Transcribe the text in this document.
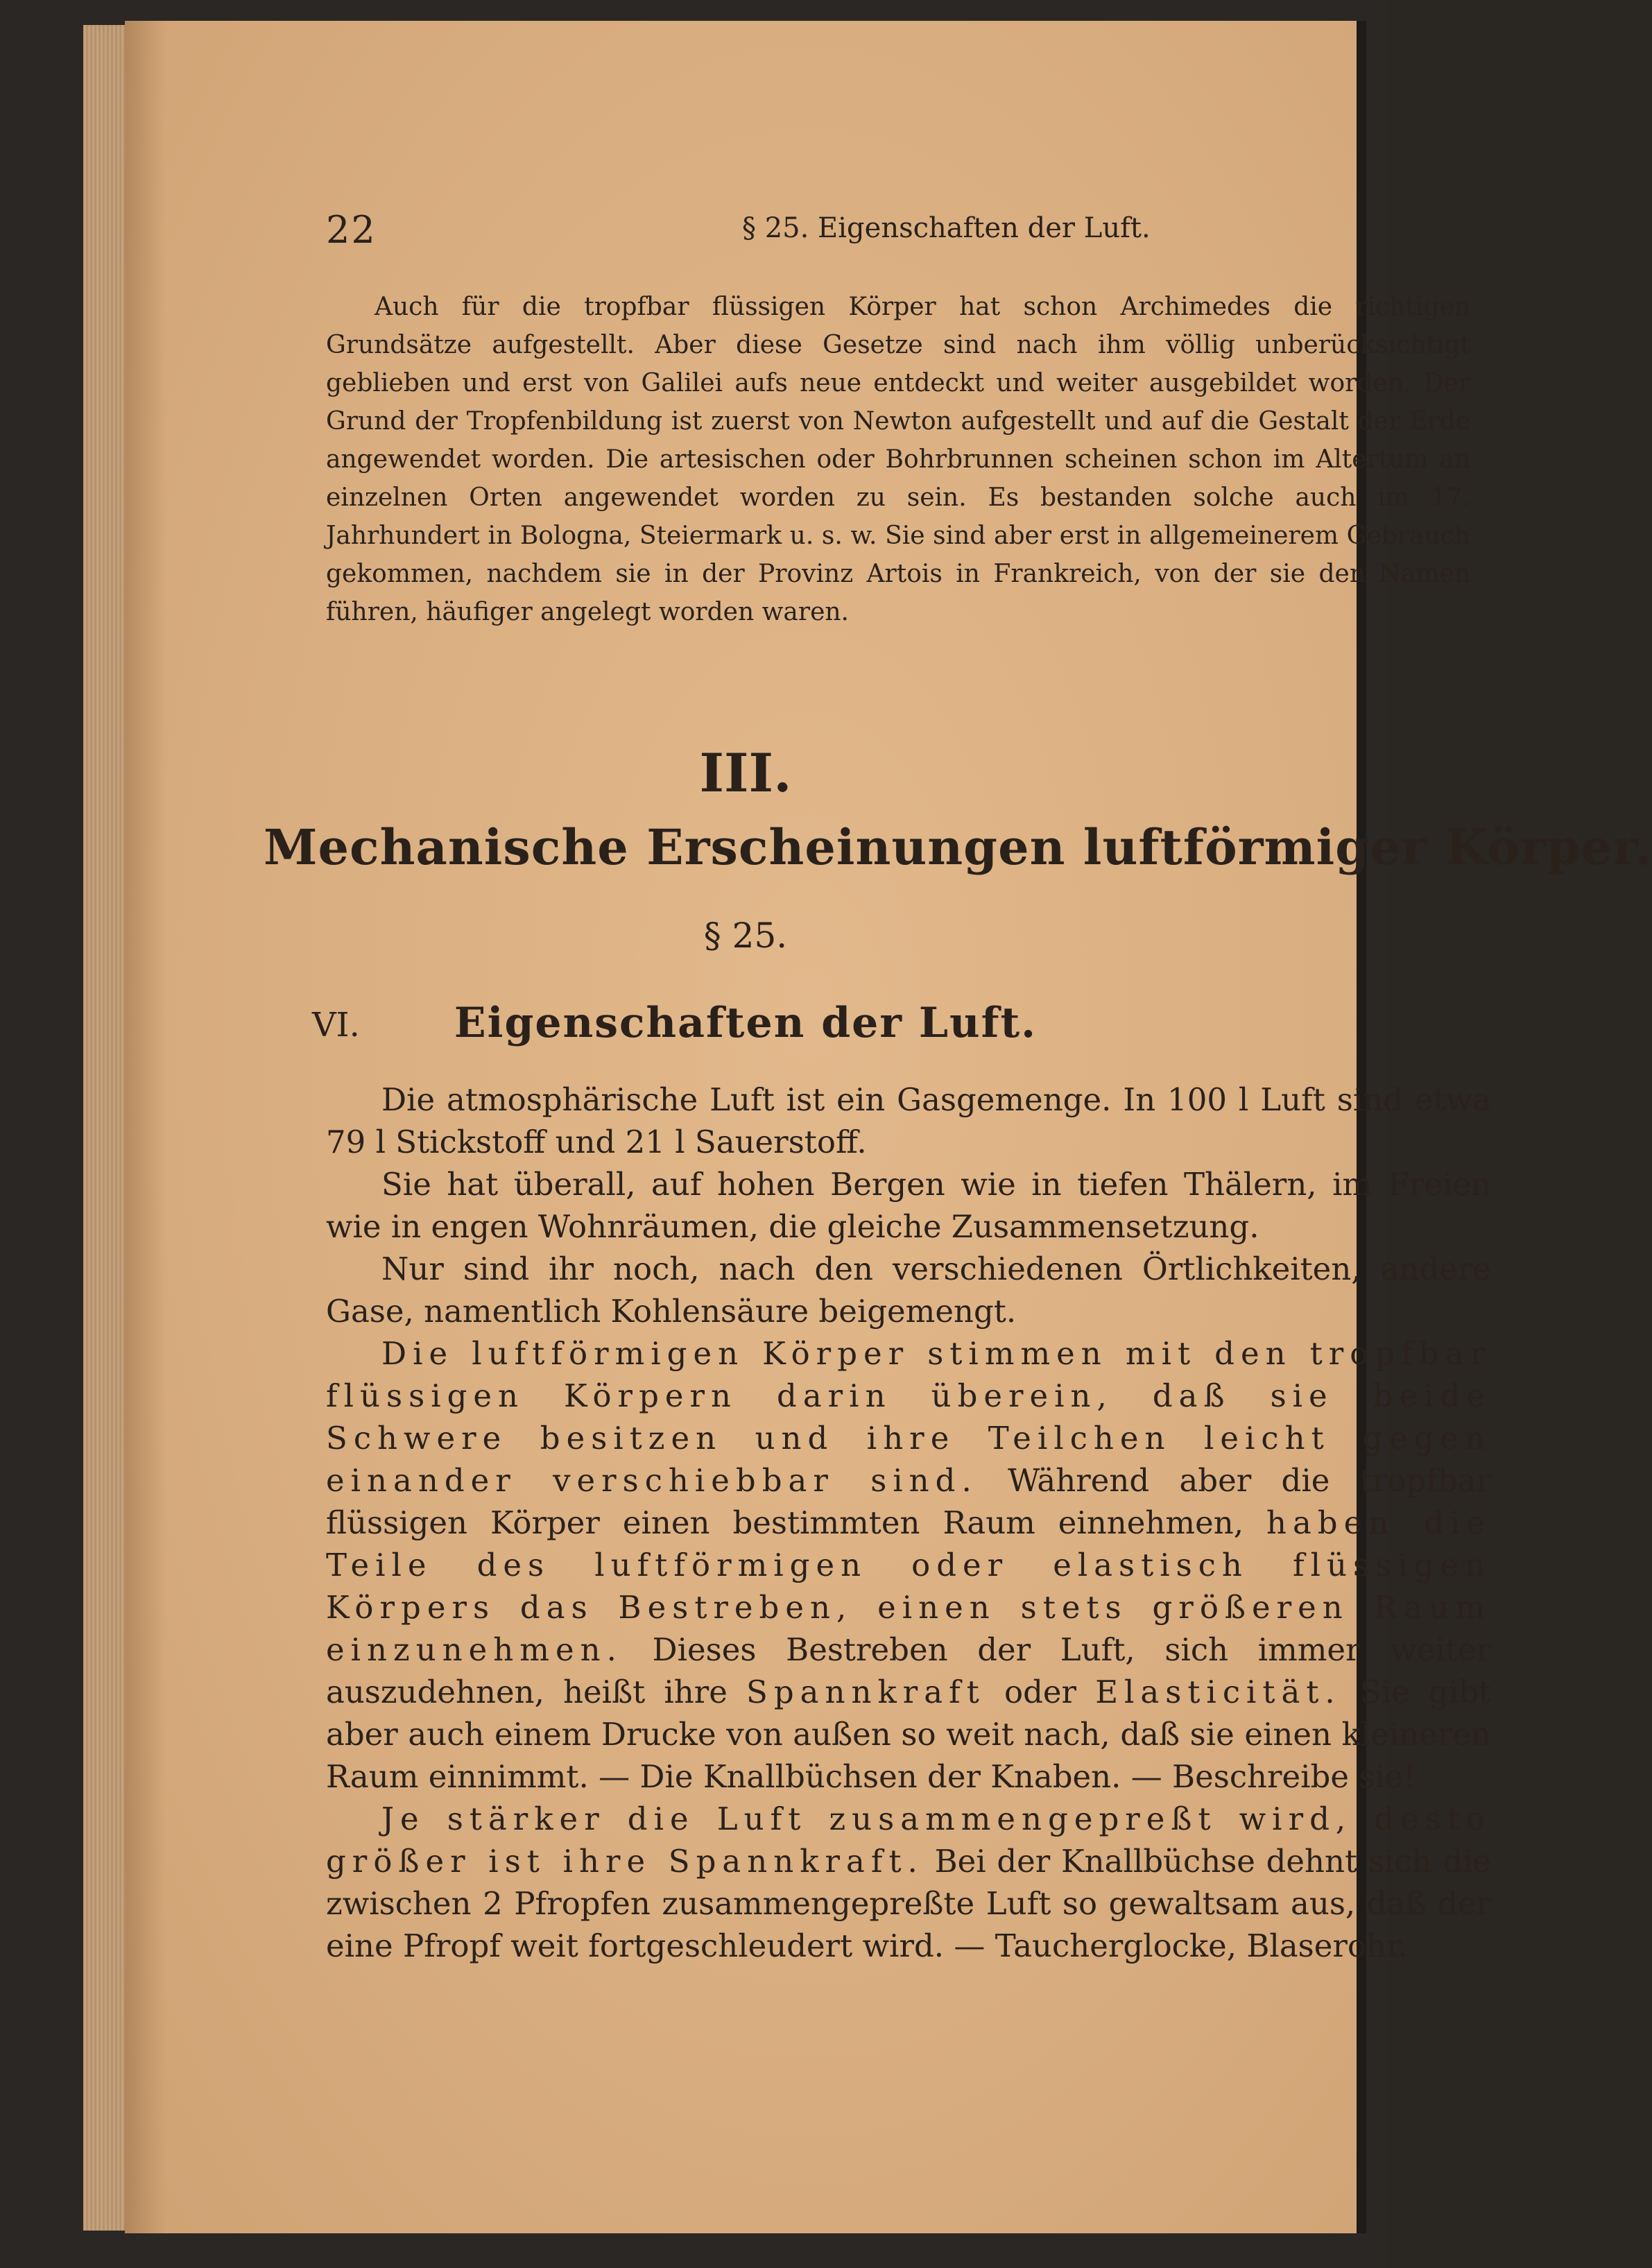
22	§ 25. Eigenschaften der Luft.

Auch für die tropfbar flüssigen Körper hat schon Archimedes die richtigen Grundsätze aufgestellt. Aber diese Gesetze sind nach ihm völlig unberücksichtigt geblieben und erst von Galilei aufs neue entdeckt und weiter ausgebildet worden. Der Grund der Tropfenbildung ist zuerst von Newton aufgestellt und auf die Gestalt der Erde angewendet worden. Die artesischen oder Bohrbrunnen scheinen schon im Altertum an einzelnen Orten angewendet worden zu sein. Es bestanden solche auch im 17. Jahrhundert in Bologna, Steiermark u. s. w. Sie sind aber erst in allgemeinerem Gebrauch gekommen, nachdem sie in der Provinz Artois in Frankreich, von der sie den Namen führen, häufiger angelegt worden waren.

III.
Mechanische Erscheinungen luftförmiger Körper.
§ 25.
VI.	Eigenschaften der Luft.

Die atmosphärische Luft ist ein Gasgemenge. In 100 l Luft sind etwa 79 l Stickstoff und 21 l Sauerstoff.

Sie hat überall, auf hohen Bergen wie in tiefen Thälern, im Freien wie in engen Wohnräumen, die gleiche Zusammensetzung.

Nur sind ihr noch, nach den verschiedenen Örtlichkeiten, andere Gase, namentlich Kohlensäure beigemengt.

Die luftförmigen Körper stimmen mit den tropfbar flüssigen Körpern darin überein, daß sie beide Schwere besitzen und ihre Teilchen leicht gegen einander verschiebbar sind. Während aber die tropfbar flüssigen Körper einen bestimmten Raum einnehmen, haben die Teile des luftförmigen oder elastisch flüssigen Körpers das Bestreben, einen stets größeren Raum einzunehmen. Dieses Bestreben der Luft, sich immer weiter auszudehnen, heißt ihre Spannkraft oder Elasticität. Sie gibt aber auch einem Drucke von außen so weit nach, daß sie einen kleineren Raum einnimmt. — Die Knallbüchsen der Knaben. — Beschreibe sie!

Je stärker die Luft zusammengepreßt wird, desto größer ist ihre Spannkraft. Bei der Knallbüchse dehnt sich die zwischen 2 Pfropfen zusammengepreßte Luft so gewaltsam aus, daß der eine Pfropf weit fortgeschleudert wird. — Taucherglocke, Blaserohr.
